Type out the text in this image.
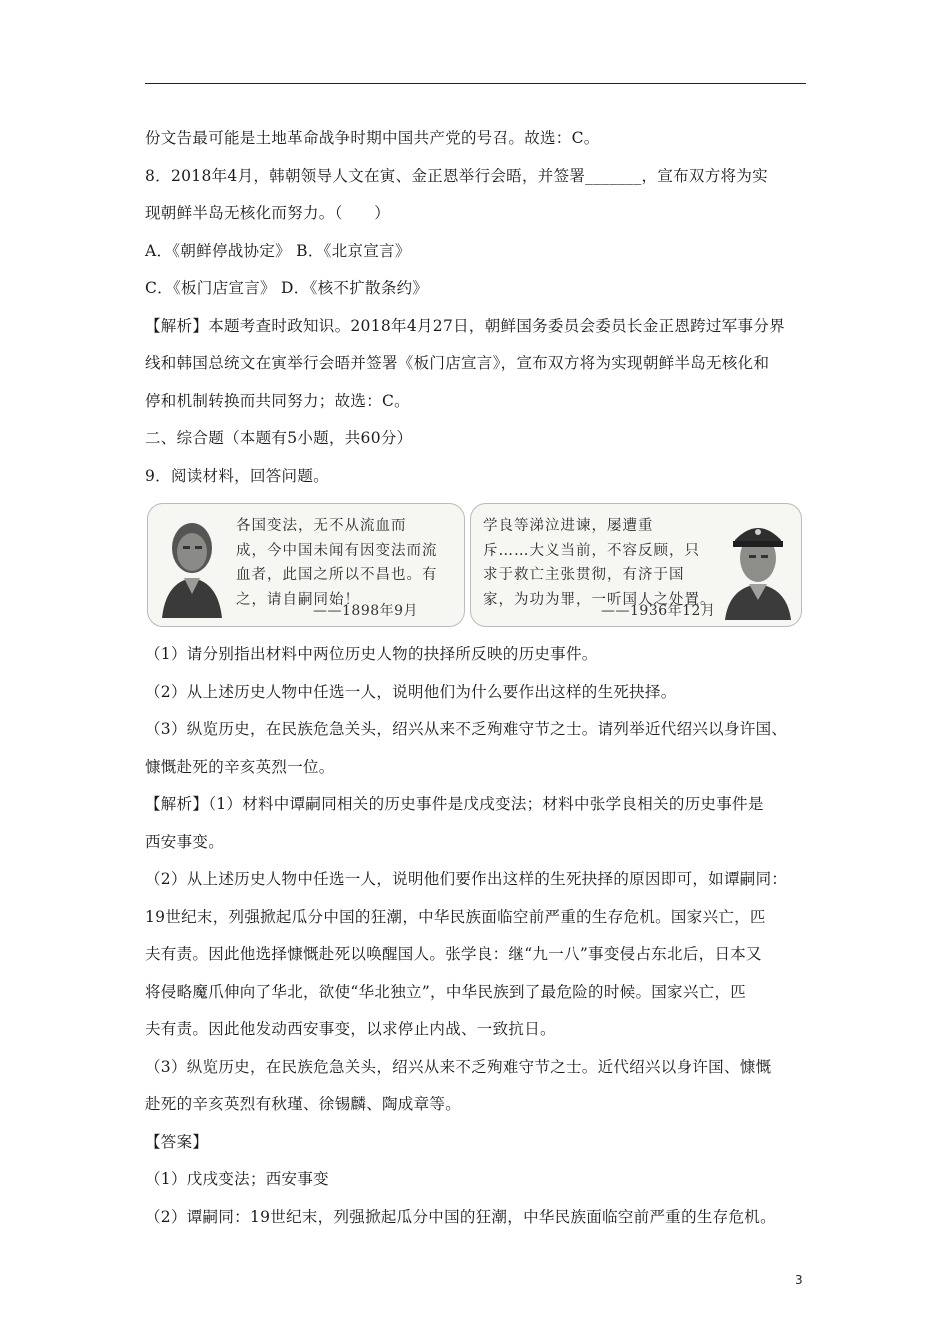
份文告最可能是土地革命战争时期中国共产党的号召。故选：C。
8．2018年4月，韩朝领导人文在寅、金正恩举行会晤，并签署_______，宣布双方将为实
现朝鲜半岛无核化而努力。（　　）
A．《朝鲜停战协定》 B．《北京宣言》
C．《板门店宣言》 D．《核不扩散条约》
【解析】本题考查时政知识。2018年4月27日，朝鲜国务委员会委员长金正恩跨过军事分界
线和韩国总统文在寅举行会晤并签署《板门店宣言》，宣布双方将为实现朝鲜半岛无核化和
停和机制转换而共同努力；故选：C。
二、综合题（本题有5小题，共60分）
9．阅读材料，回答问题。
各国变法，无不从流血而
成，今中国未闻有因变法而流
血者，此国之所以不昌也。有
之，请自嗣同始！
——1898年9月
学良等涕泣进谏，屡遭重
斥……大义当前，不容反顾，只
求于救亡主张贯彻，有济于国
家，为功为罪，一听国人之处置。
——1936年12月
（1）请分别指出材料中两位历史人物的抉择所反映的历史事件。
（2）从上述历史人物中任选一人，说明他们为什么要作出这样的生死抉择。
（3）纵览历史，在民族危急关头，绍兴从来不乏殉难守节之士。请列举近代绍兴以身许国、
慷慨赴死的辛亥英烈一位。
【解析】（1）材料中谭嗣同相关的历史事件是戊戌变法；材料中张学良相关的历史事件是
西安事变。
（2）从上述历史人物中任选一人，说明他们要作出这样的生死抉择的原因即可，如谭嗣同：
19世纪末，列强掀起瓜分中国的狂潮，中华民族面临空前严重的生存危机。国家兴亡，匹
夫有责。因此他选择慷慨赴死以唤醒国人。张学良：继“九一八”事变侵占东北后，日本又
将侵略魔爪伸向了华北，欲使“华北独立”，中华民族到了最危险的时候。国家兴亡，匹
夫有责。因此他发动西安事变，以求停止内战、一致抗日。
（3）纵览历史，在民族危急关头，绍兴从来不乏殉难守节之士。近代绍兴以身许国、慷慨
赴死的辛亥英烈有秋瑾、徐锡麟、陶成章等。
【答案】
（1）戊戌变法；西安事变
（2）谭嗣同：19世纪末，列强掀起瓜分中国的狂潮，中华民族面临空前严重的生存危机。
3
